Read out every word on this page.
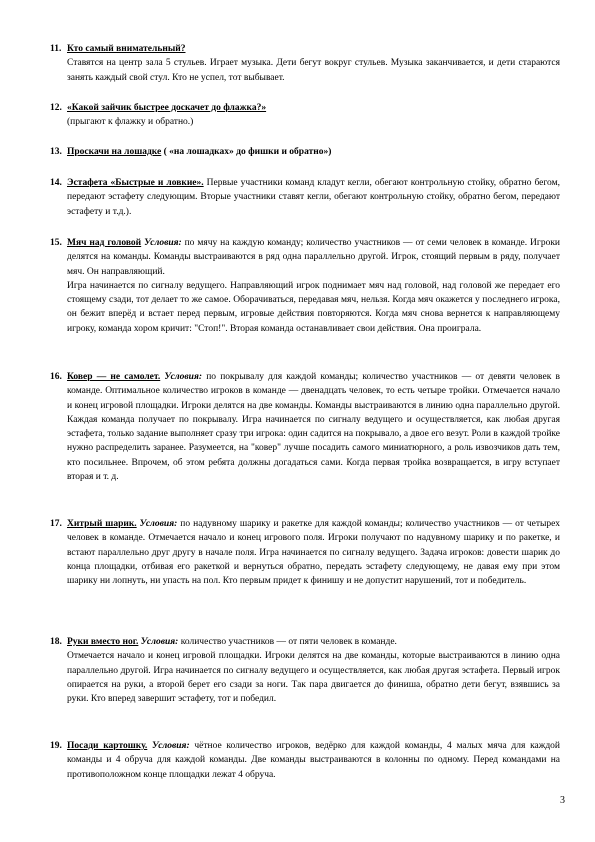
11. Кто самый внимательный?

Ставятся на центр зала 5 стульев. Играет музыка. Дети бегут вокруг стульев. Музыка заканчивается, и дети стараются занять каждый свой стул. Кто не успел, тот выбывает.

12. «Какой зайчик быстрее доскачет до флажка?»

(прыгают к флажку и обратно.)

13. Проскачи на лошадке ( «на лошадках» до фишки и обратно»)

14. Эстафета «Быстрые и ловкие». Первые участники команд кладут кегли, обегают контрольную стойку, обратно бегом, передают эстафету следующим. Вторые участники ставят кегли, обегают контрольную стойку, обратно бегом, передают эстафету и т.д.).

15. Мяч над головой Условия: по мячу на каждую команду; количество участников — от семи человек в команде. Игроки делятся на команды. Команды выстраиваются в ряд одна параллельно другой. Игрок, стоящий первым в ряду, получает мяч. Он направляющий.

Игра начинается по сигналу ведущего. Направляющий игрок поднимает мяч над головой, над головой же передает его стоящему сзади, тот делает то же самое. Оборачиваться, передавая мяч, нельзя. Когда мяч окажется у последнего игрока, он бежит вперёд и встает перед первым, игровые действия повторяются. Когда мяч снова вернется к направляющему игроку, команда хором кричит: "Стоп!". Вторая команда останавливает свои действия. Она проиграла.

16. Ковер — не самолет. Условия: по покрывалу для каждой команды; количество участников — от девяти человек в команде. Оптимальное количество игроков в команде — двенадцать человек, то есть четыре тройки. Отмечается начало и конец игровой площадки. Игроки делятся на две команды. Команды выстраиваются в линию одна параллельно другой. Каждая команда получает по покрывалу. Игра начинается по сигналу ведущего и осуществляется, как любая другая эстафета, только задание выполняет сразу три игрока: один садится на покрывало, а двое его везут. Роли в каждой тройке нужно распределить заранее. Разумеется, на "ковер" лучше посадить самого миниатюрного, а роль извозчиков дать тем, кто посильнее. Впрочем, об этом ребята должны догадаться сами. Когда первая тройка возвращается, в игру вступает вторая и т. д.

17. Хитрый шарик. Условия: по надувному шарику и ракетке для каждой команды; количество участников — от четырех человек в команде. Отмечается начало и конец игрового поля. Игроки получают по надувному шарику и по ракетке, и встают параллельно друг другу в начале поля. Игра начинается по сигналу ведущего. Задача игроков: довести шарик до конца площадки, отбивая его ракеткой и вернуться обратно, передать эстафету следующему, не давая ему при этом шарику ни лопнуть, ни упасть на пол. Кто первым придет к финишу и не допустит нарушений, тот и победитель.

18. Руки вместо ног. Условия: количество участников — от пяти человек в команде.

Отмечается начало и конец игровой площадки. Игроки делятся на две команды, которые выстраиваются в линию одна параллельно другой. Игра начинается по сигналу ведущего и осуществляется, как любая другая эстафета. Первый игрок опирается на руки, а второй берет его сзади за ноги. Так пара двигается до финиша, обратно дети бегут, взявшись за руки. Кто вперед завершит эстафету, тот и победил.

19. Посади картошку. Условия: чётное количество игроков, ведёрко для каждой команды, 4 малых мяча для каждой команды и 4 обруча для каждой команды. Две команды выстраиваются в колонны по одному. Перед командами на противоположном конце площадки лежат 4 обруча.

3
